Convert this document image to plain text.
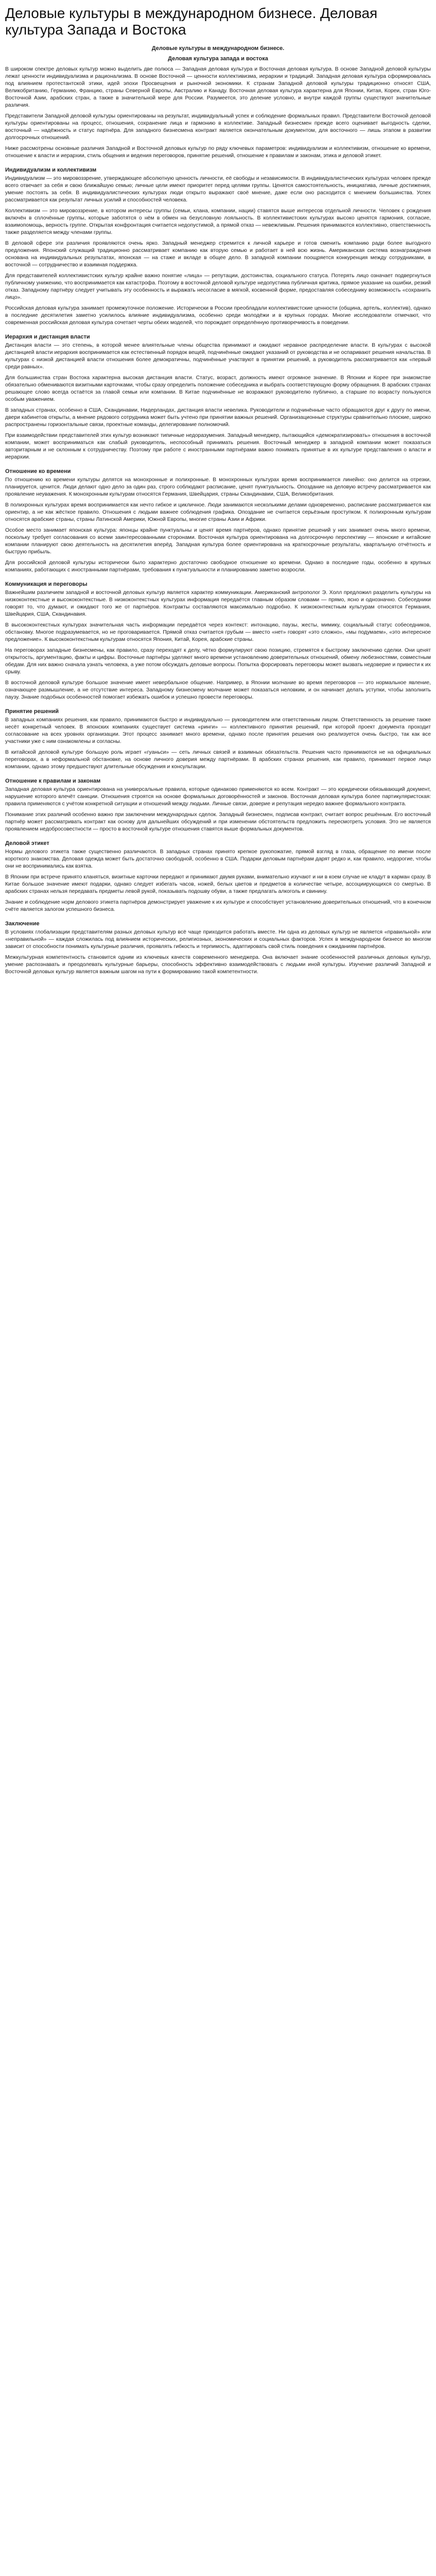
Деловые культуры в международном бизнесе. Деловая культура Запада и Востока
Деловые культуры в международном бизнесе.
Деловая культура запада и востока

В широком спектре деловых культур можно выделить две полюса — Западная деловая культура и Восточная деловая культура. В основе Западной деловой культуры лежат ценности индивидуализма и рационализма. В основе Восточной — ценности коллективизма, иерархии и традиций. Западная деловая культура сформировалась под влиянием протестантской этики, идей эпохи Просвещения и рыночной экономики. К странам Западной деловой культуры традиционно относят США, Великобританию, Германию, Францию, страны Северной Европы, Австралию и Канаду. Восточная деловая культура характерна для Японии, Китая, Кореи, стран Юго-Восточной Азии, арабских стран, а также в значительной мере для России. Разумеется, это деление условно, и внутри каждой группы существуют значительные различия.

Представители Западной деловой культуры ориентированы на результат, индивидуальный успех и соблюдение формальных правил. Представители Восточной деловой культуры ориентированы на процесс, отношения, сохранение лица и гармонию в коллективе. Западный бизнесмен прежде всего оценивает выгодность сделки, восточный — надёжность и статус партнёра. Для западного бизнесмена контракт является окончательным документом, для восточного — лишь этапом в развитии долгосрочных отношений.

Ниже рассмотрены основные различия Западной и Восточной деловых культур по ряду ключевых параметров: индивидуализм и коллективизм, отношение ко времени, отношение к власти и иерархии, стиль общения и ведения переговоров, принятие решений, отношение к правилам и законам, этика и деловой этикет.

Индивидуализм и коллективизм

Индивидуализм — это мировоззрение, утверждающее абсолютную ценность личности, её свободы и независимости. В индивидуалистических культурах человек прежде всего отвечает за себя и свою ближайшую семью; личные цели имеют приоритет перед целями группы. Ценятся самостоятельность, инициатива, личные достижения, умение постоять за себя. В индивидуалистических культурах люди открыто выражают своё мнение, даже если оно расходится с мнением большинства. Успех рассматривается как результат личных усилий и способностей человека.

Коллективизм — это мировоззрение, в котором интересы группы (семьи, клана, компании, нации) ставятся выше интересов отдельной личности. Человек с рождения включён в сплочённые группы, которые заботятся о нём в обмен на безусловную лояльность. В коллективистских культурах высоко ценятся гармония, согласие, взаимопомощь, верность группе. Открытая конфронтация считается недопустимой, а прямой отказ — невежливым. Решения принимаются коллективно, ответственность также разделяется между членами группы.

В деловой сфере эти различия проявляются очень ярко. Западный менеджер стремится к личной карьере и готов сменить компанию ради более выгодного предложения. Японский служащий традиционно рассматривает компанию как вторую семью и работает в ней всю жизнь. Американская система вознаграждения основана на индивидуальных результатах, японская — на стаже и вкладе в общее дело. В западной компании поощряется конкуренция между сотрудниками, в восточной — сотрудничество и взаимная поддержка.

Для представителей коллективистских культур крайне важно понятие «лица» — репутации, достоинства, социального статуса. Потерять лицо означает подвергнуться публичному унижению, что воспринимается как катастрофа. Поэтому в восточной деловой культуре недопустима публичная критика, прямое указание на ошибки, резкий отказ. Западному партнёру следует учитывать эту особенность и выражать несогласие в мягкой, косвенной форме, предоставляя собеседнику возможность «сохранить лицо».

Российская деловая культура занимает промежуточное положение. Исторически в России преобладали коллективистские ценности (община, артель, коллектив), однако в последние десятилетия заметно усилилось влияние индивидуализма, особенно среди молодёжи и в крупных городах. Многие исследователи отмечают, что современная российская деловая культура сочетает черты обеих моделей, что порождает определённую противоречивость в поведении.

Иерархия и дистанция власти

Дистанция власти — это степень, в которой менее влиятельные члены общества принимают и ожидают неравное распределение власти. В культурах с высокой дистанцией власти иерархия воспринимается как естественный порядок вещей, подчинённые ожидают указаний от руководства и не оспаривают решения начальства. В культурах с низкой дистанцией власти отношения более демократичны, подчинённые участвуют в принятии решений, а руководитель рассматривается как «первый среди равных».

Для большинства стран Востока характерна высокая дистанция власти. Статус, возраст, должность имеют огромное значение. В Японии и Корее при знакомстве обязательно обмениваются визитными карточками, чтобы сразу определить положение собеседника и выбрать соответствующую форму обращения. В арабских странах решающее слово всегда остаётся за главой семьи или компании. В Китае подчинённые не возражают руководителю публично, а старшие по возрасту пользуются особым уважением.

В западных странах, особенно в США, Скандинавии, Нидерландах, дистанция власти невелика. Руководители и подчинённые часто обращаются друг к другу по имени, двери кабинетов открыты, а мнение рядового сотрудника может быть учтено при принятии важных решений. Организационные структуры сравнительно плоские, широко распространены горизонтальные связи, проектные команды, делегирование полномочий.

При взаимодействии представителей этих культур возникают типичные недоразумения. Западный менеджер, пытающийся «демократизировать» отношения в восточной компании, может восприниматься как слабый руководитель, неспособный принимать решения. Восточный менеджер в западной компании может показаться авторитарным и не склонным к сотрудничеству. Поэтому при работе с иностранными партнёрами важно понимать принятые в их культуре представления о власти и иерархии.

Отношение ко времени

По отношению ко времени культуры делятся на монохронные и полихронные. В монохронных культурах время воспринимается линейно: оно делится на отрезки, планируется, ценится. Люди делают одно дело за один раз, строго соблюдают расписание, ценят пунктуальность. Опоздание на деловую встречу рассматривается как проявление неуважения. К монохронным культурам относятся Германия, Швейцария, страны Скандинавии, США, Великобритания.

В полихронных культурах время воспринимается как нечто гибкое и цикличное. Люди занимаются несколькими делами одновременно, расписание рассматривается как ориентир, а не как жёсткое правило. Отношения с людьми важнее соблюдения графика. Опоздание не считается серьёзным проступком. К полихронным культурам относятся арабские страны, страны Латинской Америки, Южной Европы, многие страны Азии и Африки.

Особое место занимает японская культура: японцы крайне пунктуальны и ценят время партнёров, однако принятие решений у них занимает очень много времени, поскольку требует согласования со всеми заинтересованными сторонами. Восточная культура ориентирована на долгосрочную перспективу — японские и китайские компании планируют свою деятельность на десятилетия вперёд. Западная культура более ориентирована на краткосрочные результаты, квартальную отчётность и быструю прибыль.

Для российской деловой культуры исторически было характерно достаточно свободное отношение ко времени. Однако в последние годы, особенно в крупных компаниях, работающих с иностранными партнёрами, требования к пунктуальности и планированию заметно возросли.

Коммуникация и переговоры

Важнейшим различием западной и восточной деловых культур является характер коммуникации. Американский антрополог Э. Холл предложил разделить культуры на низкоконтекстные и высококонтекстные. В низкоконтекстных культурах информация передаётся главным образом словами — прямо, ясно и однозначно. Собеседники говорят то, что думают, и ожидают того же от партнёров. Контракты составляются максимально подробно. К низкоконтекстным культурам относятся Германия, Швейцария, США, Скандинавия.

В высококонтекстных культурах значительная часть информации передаётся через контекст: интонацию, паузы, жесты, мимику, социальный статус собеседников, обстановку. Многое подразумевается, но не проговаривается. Прямой отказ считается грубым — вместо «нет» говорят «это сложно», «мы подумаем», «это интересное предложение». К высококонтекстным культурам относятся Япония, Китай, Корея, арабские страны.

На переговорах западные бизнесмены, как правило, сразу переходят к делу, чётко формулируют свою позицию, стремятся к быстрому заключению сделки. Они ценят открытость, аргументацию, факты и цифры. Восточные партнёры уделяют много времени установлению доверительных отношений, обмену любезностями, совместным обедам. Для них важно сначала узнать человека, а уже потом обсуждать деловые вопросы. Попытка форсировать переговоры может вызвать недоверие и привести к их срыву.

В восточной деловой культуре большое значение имеет невербальное общение. Например, в Японии молчание во время переговоров — это нормальное явление, означающее размышление, а не отсутствие интереса. Западному бизнесмену молчание может показаться неловким, и он начинает делать уступки, чтобы заполнить паузу. Знание подобных особенностей помогает избежать ошибок и успешно провести переговоры.

Принятие решений

В западных компаниях решения, как правило, принимаются быстро и индивидуально — руководителем или ответственным лицом. Ответственность за решение также несёт конкретный человек. В японских компаниях существует система «ринги» — коллективного принятия решений, при которой проект документа проходит согласование на всех уровнях организации. Этот процесс занимает много времени, однако после принятия решения оно реализуется очень быстро, так как все участники уже с ним ознакомлены и согласны.

В китайской деловой культуре большую роль играет «гуаньси» — сеть личных связей и взаимных обязательств. Решения часто принимаются не на официальных переговорах, а в неформальной обстановке, на основе личного доверия между партнёрами. В арабских странах решения, как правило, принимает первое лицо компании, однако этому предшествуют длительные обсуждения и консультации.

Отношение к правилам и законам

Западная деловая культура ориентирована на универсальные правила, которые одинаково применяются ко всем. Контракт — это юридически обязывающий документ, нарушение которого влечёт санкции. Отношения строятся на основе формальных договорённостей и законов. Восточная деловая культура более партикуляристская: правила применяются с учётом конкретной ситуации и отношений между людьми. Личные связи, доверие и репутация нередко важнее формального контракта.

Понимание этих различий особенно важно при заключении международных сделок. Западный бизнесмен, подписав контракт, считает вопрос решённым. Его восточный партнёр может рассматривать контракт как основу для дальнейших обсуждений и при изменении обстоятельств предложить пересмотреть условия. Это не является проявлением недобросовестности — просто в восточной культуре отношения ставятся выше формальных документов.

Деловой этикет

Нормы делового этикета также существенно различаются. В западных странах принято крепкое рукопожатие, прямой взгляд в глаза, обращение по имени после короткого знакомства. Деловая одежда может быть достаточно свободной, особенно в США. Подарки деловым партнёрам дарят редко и, как правило, недорогие, чтобы они не воспринимались как взятка.

В Японии при встрече принято кланяться, визитные карточки передают и принимают двумя руками, внимательно изучают и ни в коем случае не кладут в карман сразу. В Китае большое значение имеют подарки, однако следует избегать часов, ножей, белых цветов и предметов в количестве четыре, ассоциирующихся со смертью. В арабских странах нельзя передавать предметы левой рукой, показывать подошву обуви, а также предлагать алкоголь и свинину.

Знание и соблюдение норм делового этикета партнёров демонстрирует уважение к их культуре и способствует установлению доверительных отношений, что в конечном счёте является залогом успешного бизнеса.

Заключение

В условиях глобализации представителям разных деловых культур всё чаще приходится работать вместе. Ни одна из деловых культур не является «правильной» или «неправильной» — каждая сложилась под влиянием исторических, религиозных, экономических и социальных факторов. Успех в международном бизнесе во многом зависит от способности понимать культурные различия, проявлять гибкость и терпимость, адаптировать свой стиль поведения к ожиданиям партнёров.

Межкультурная компетентность становится одним из ключевых качеств современного менеджера. Она включает знание особенностей различных деловых культур, умение распознавать и преодолевать культурные барьеры, способность эффективно взаимодействовать с людьми иной культуры. Изучение различий Западной и Восточной деловых культур является важным шагом на пути к формированию такой компетентности.
